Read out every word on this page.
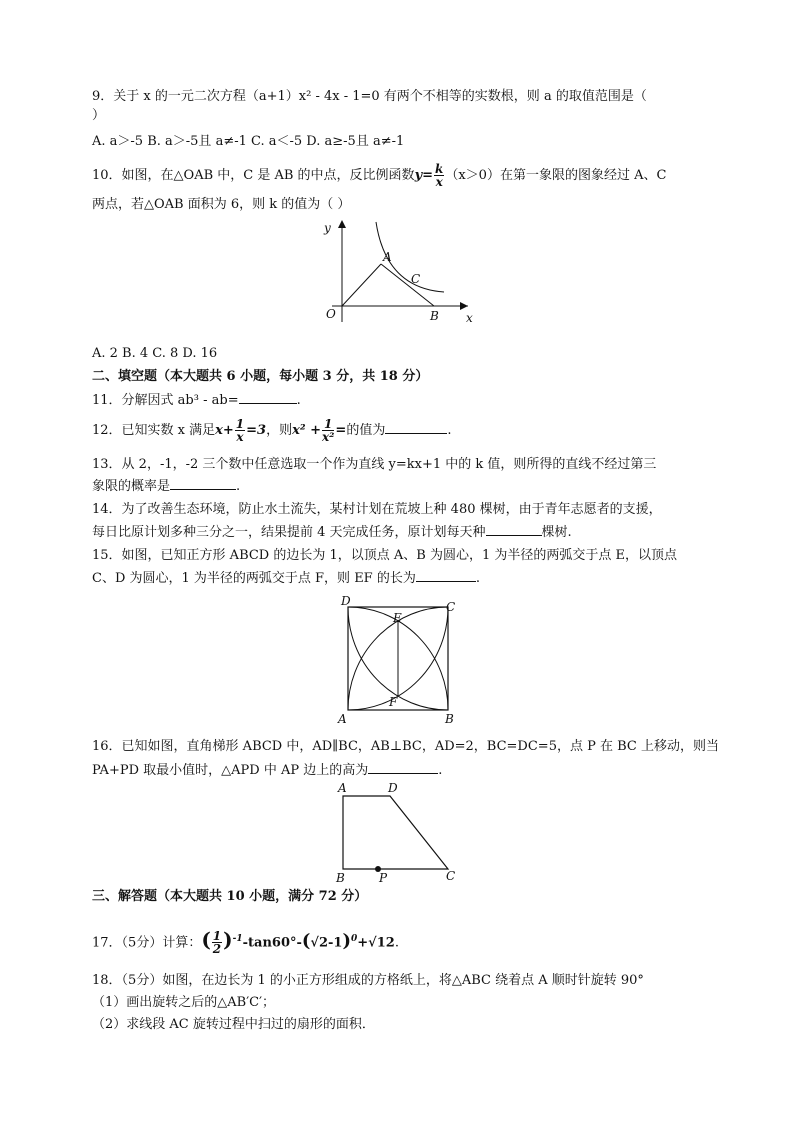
9．关于 x 的一元二次方程（a+1）x² - 4x - 1=0 有两个不相等的实数根，则 a 的取值范围是（
）
A. a＞-5 B. a＞-5且 a≠-1 C. a＜-5 D. a≥-5且 a≠-1
10．如图，在△OAB 中，C 是 AB 的中点，反比例函数$y= \frac{k}{x} (x>0)$在第一象限的图象经过 A、C
两点，若△OAB 面积为 6，则 k 的值为（ ）
y
x
O
A
B
C
A. 2 B. 4 C. 8 D. 16
二、填空题（本大题共 6 小题，每小题 3 分，共 18 分）
11．分解因式 ab³ - ab=	.
12．已知实数 x 满足$x+ \frac{1}{x} =3$，则$x^2 + \frac{1}{\text{x²}}$ =的值为	.
13．从 2，-1，-2 三个数中任意选取一个作为直线 y=kx+1 中的 k 值，则所得的直线不经过第三
象限的概率是	.
14．为了改善生态环境，防止水土流失，某村计划在荒坡上种 480 棵树，由于青年志愿者的支援，
每日比原计划多种三分之一，结果提前 4 天完成任务，原计划每天种	棵树.
15．如图，已知正方形 ABCD 的边长为 1，以顶点 A、B 为圆心，1 为半径的两弧交于点 E，以顶点
C、D 为圆心，1 为半径的两弧交于点 F，则 EF 的长为	.
D	C
E
F
A	B
16．已知如图，直角梯形 ABCD 中，AD∥BC，AB⊥BC，AD=2，BC=DC=5，点 P 在 BC 上移动，则当
PA+PD 取最小值时，△APD 中 AP 边上的高为	.
A	D
B	P	C
三、解答题（本大题共 10 小题，满分 72 分）
17．（5分）计算：( $\frac{1}{2} )^{-1}-\tan 60^\circ-(√2-1)^0+√12$.
18．（5分）如图，在边长为 1 的小正方形组成的方格纸上，将△ABC 绕着点 A 顺时针旋转 90°
（1）画出旋转之后的△AB′C′；
（2）求线段 AC 旋转过程中扫过的扇形的面积．
